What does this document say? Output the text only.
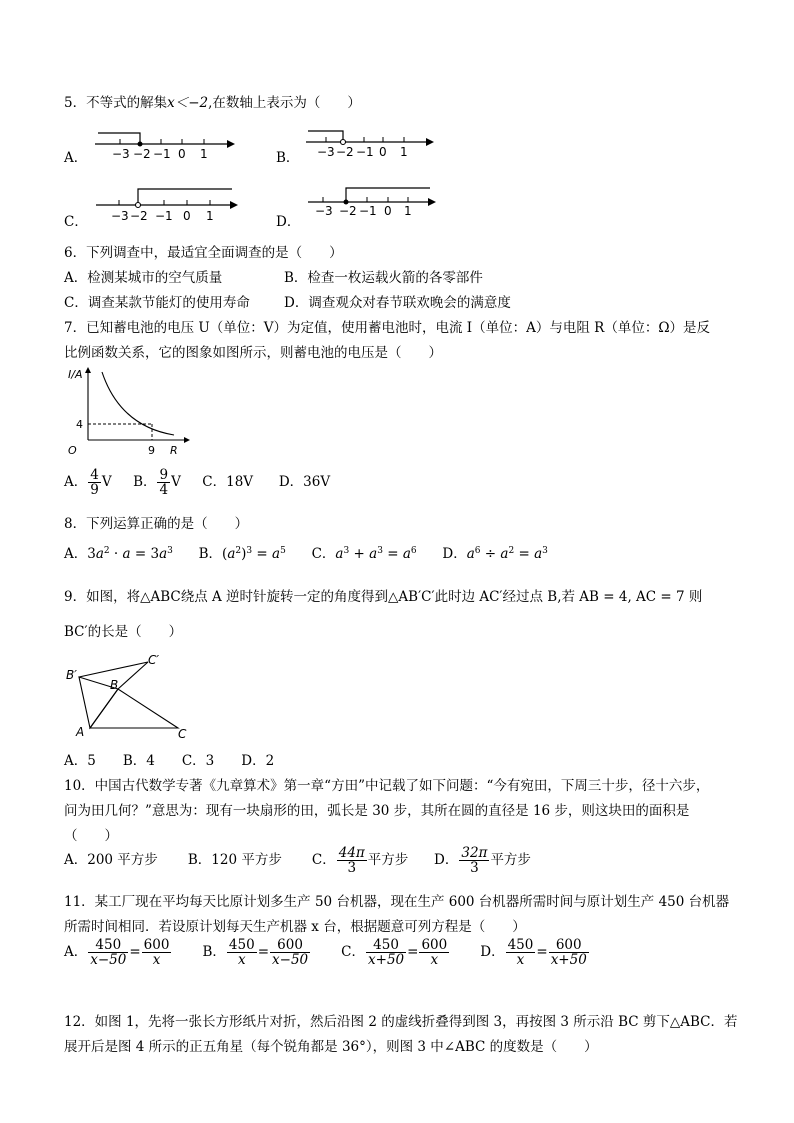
5．不等式的解集x＜−2,在数轴上表示为（　　）
A． −3 −2 −1 0 1	B． −3 −2 −1 0 1
C． −3 −2 −1 0 1	D．
−3 −2 −1 0 1
6．下列调查中，最适宜全面调查的是（　　）
A．检测某城市的空气质量	B．检查一枚运载火箭的各零部件
C．调查某款节能灯的使用寿命	D．调查观众对春节联欢晚会的满意度
7．已知蓄电池的电压 U（单位：V）为定值，使用蓄电池时，电流 I（单位：A）与电阻 R（单位：Ω）是反
比例函数关系，它的图象如图所示，则蓄电池的电压是（　　）
I/A
4
9 R
O
A． $\frac{4}{9}$ V B． $\frac{9}{4}$ V C．18V D．36V
8．下列运算正确的是（　　）
A．$3a^2 \cdot a = 3a^3$ B．$(a^2)^3 = a^5$ C．$a^3 + a^3 = a^6$ D．$a^6 \div a^2 = a^3$
9．如图，将△ABC绕点 A 逆时针旋转一定的角度得到△AB′C′此时边 AC′经过点 B,若 AB = 4, AC = 7 则
BC′的长是（　　）
B′
C′
B
A	C
A．5　　B．4　　C．3　　D．2
10．中国古代数学专著《九章算术》第一章“方田”中记载了如下问题：“今有宛田，下周三十步，径十六步，
问为田几何？”意思为：现有一块扇形的田，弧长是 30 步，其所在圆的直径是 16 步，则这块田的面积是
（　　）
A．200 平方步 B．120 平方步 C． $\frac{44\pi}{3}$ 平方步 D． $\frac{32\pi}{3}$ 平方步
11．某工厂现在平均每天比原计划多生产 50 台机器，现在生产 600 台机器所需时间与原计划生产 450 台机器
所需时间相同．若设原计划每天生产机器 x 台，根据题意可列方程是（　　）
A． $\frac{450}{x-50} = \frac{600}{x}$ B． $\frac{450}{x} = \frac{600}{x-50}$ C． $\frac{450}{x+50} = \frac{600}{x}$ D． $\frac{450}{x} = \frac{600}{x+50}$
12．如图 1，先将一张长方形纸片对折，然后沿图 2 的虚线折叠得到图 3，再按图 3 所示沿 BC 剪下△ABC．若
展开后是图 4 所示的正五角星（每个锐角都是 36°），则图 3 中∠ABC 的度数是（　　）
